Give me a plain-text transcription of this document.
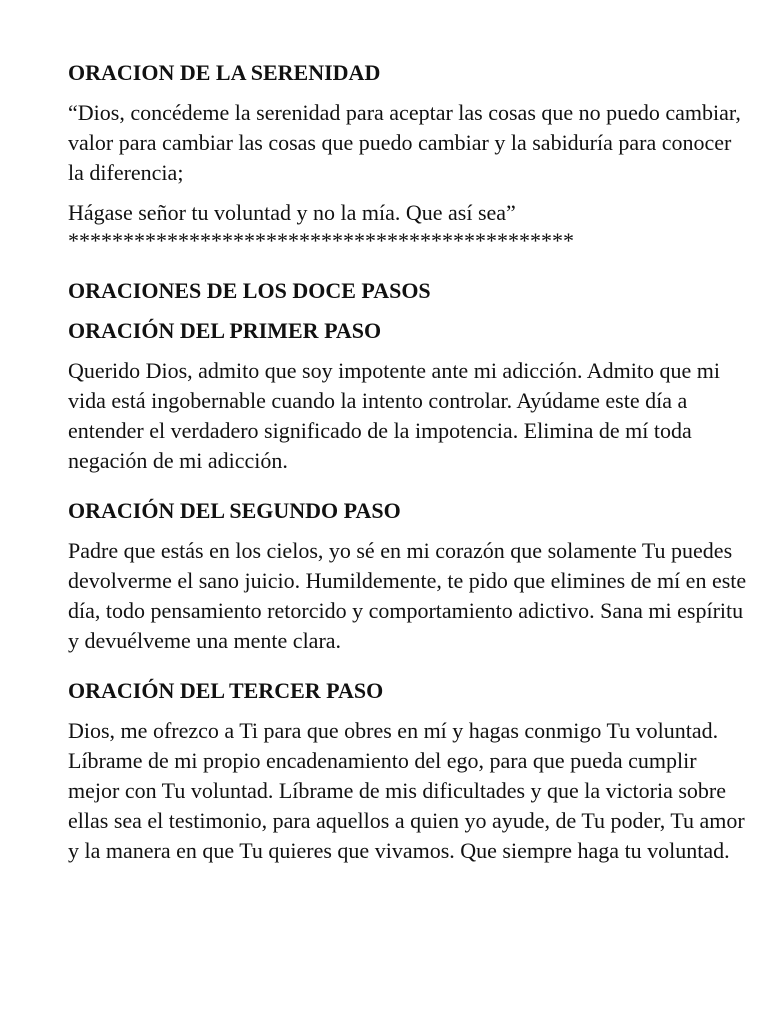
ORACION DE LA SERENIDAD

“Dios, concédeme la serenidad para aceptar las cosas que no puedo cambiar, valor para cambiar las cosas que puedo cambiar y la sabiduría para conocer la diferencia;

Hágase señor tu voluntad y no la mía. Que así sea”

**********************************************
ORACIONES DE LOS DOCE PASOS
ORACIÓN DEL PRIMER PASO

Querido Dios, admito que soy impotente ante mi adicción. Admito que mi vida está ingobernable cuando la intento controlar. Ayúdame este día a entender el verdadero significado de la impotencia. Elimina de mí toda negación de mi adicción.

ORACIÓN DEL SEGUNDO PASO

Padre que estás en los cielos, yo sé en mi corazón que solamente Tu puedes devolverme el sano juicio. Humildemente, te pido que elimines de mí en este día, todo pensamiento retorcido y comportamiento adictivo. Sana mi espíritu y devuélveme una mente clara.

ORACIÓN DEL TERCER PASO

Dios, me ofrezco a Ti para que obres en mí y hagas conmigo Tu voluntad. Líbrame de mi propio encadenamiento del ego, para que pueda cumplir mejor con Tu voluntad. Líbrame de mis dificultades y que la victoria sobre ellas sea el testimonio, para aquellos a quien yo ayude, de Tu poder, Tu amor y la manera en que Tu quieres que vivamos. Que siempre haga tu voluntad.
